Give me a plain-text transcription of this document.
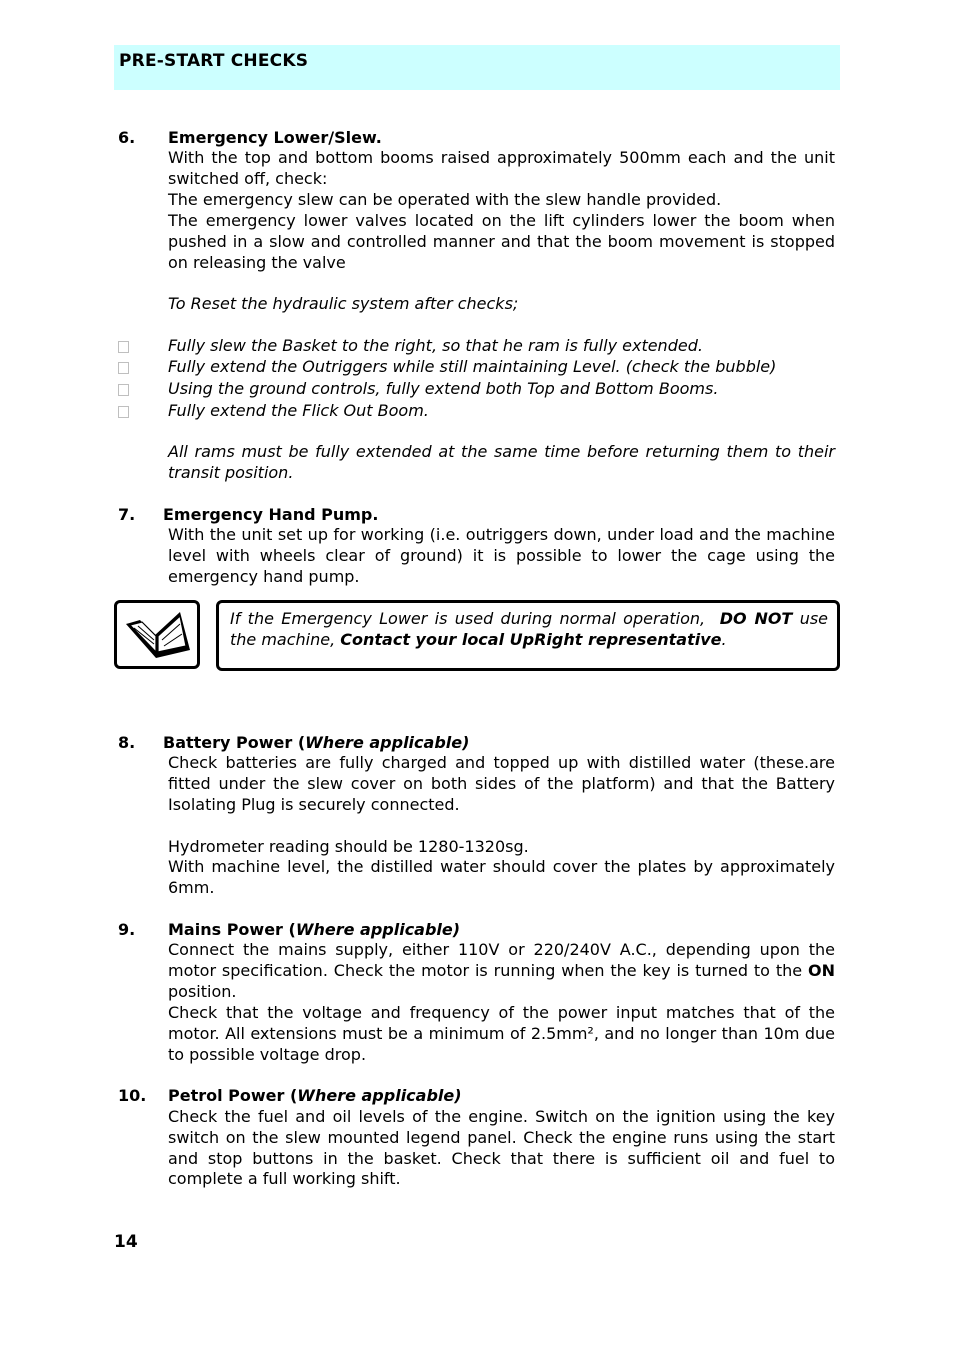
PRE-START CHECKS
6. Emergency Lower/Slew.

With the top and bottom booms raised approximately 500mm each and the unit switched off, check:

The emergency slew can be operated with the slew handle provided.

The emergency lower valves located on the lift cylinders lower the boom when pushed in a slow and controlled manner and that the boom movement is stopped on releasing the valve

To Reset the hydraulic system after checks;
Fully slew the Basket to the right, so that he ram is fully extended.
Fully extend the Outriggers while still maintaining Level. (check the bubble)
Using the ground controls, fully extend both Top and Bottom Booms.
Fully extend the Flick Out Boom.

All rams must be fully extended at the same time before returning them to their transit position.

7. Emergency Hand Pump.

With the unit set up for working (i.e. outriggers down, under load and the machine level with wheels clear of ground) it is possible to lower the cage using the emergency hand pump.

If the Emergency Lower is used during normal operation, DO NOT use the machine, Contact your local UpRight representative.

8. Battery Power (Where applicable)

Check batteries are fully charged and topped up with distilled water (these.are fitted under the slew cover on both sides of the platform) and that the Battery Isolating Plug is securely connected.

Hydrometer reading should be 1280-1320sg.

With machine level, the distilled water should cover the plates by approximately 6mm.

9. Mains Power (Where applicable)

Connect the mains supply, either 110V or 220/240V A.C., depending upon the motor specification. Check the motor is running when the key is turned to the ON position.

Check that the voltage and frequency of the power input matches that of the motor. All extensions must be a minimum of 2.5mm², and no longer than 10m due to possible voltage drop.

10. Petrol Power (Where applicable)

Check the fuel and oil levels of the engine. Switch on the ignition using the key switch on the slew mounted legend panel. Check the engine runs using the start and stop buttons in the basket. Check that there is sufficient oil and fuel to complete a full working shift.

14
